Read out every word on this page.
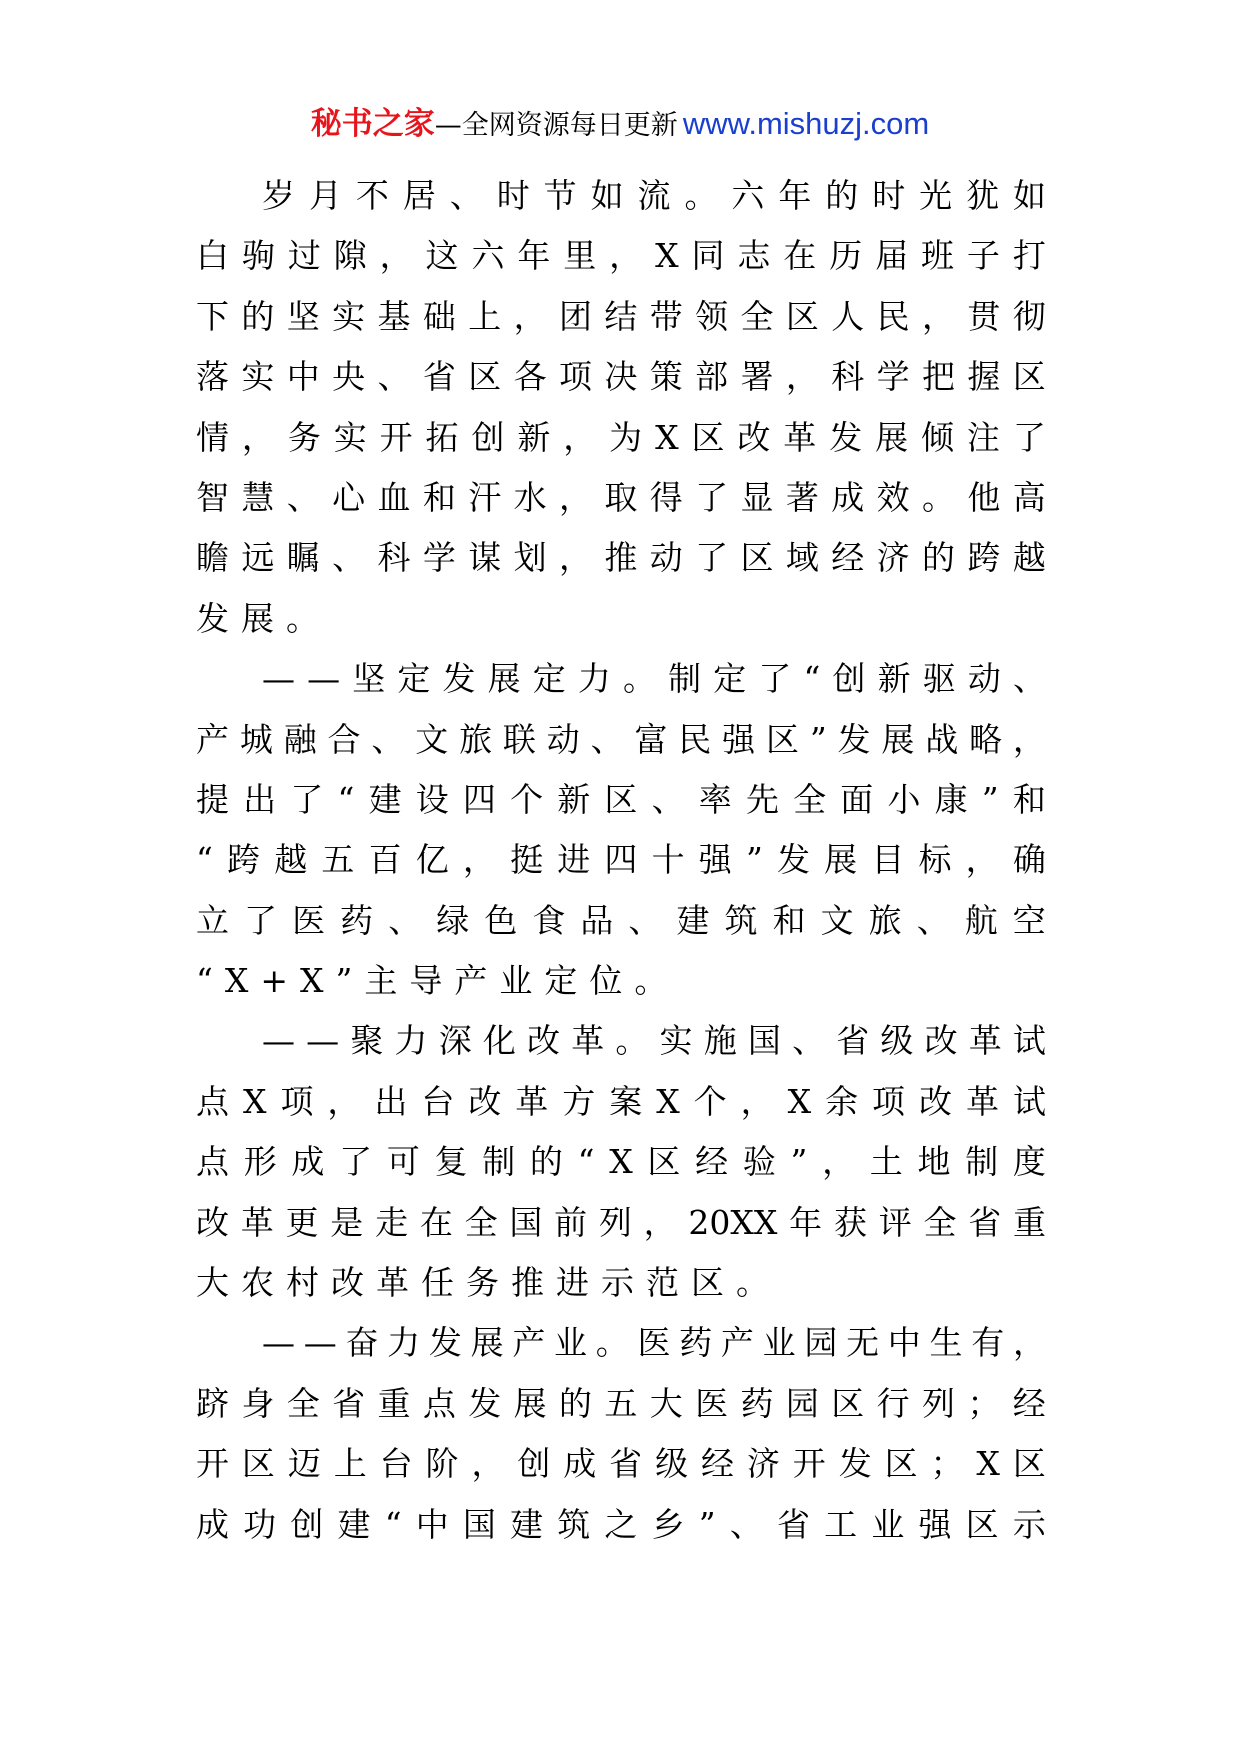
秘书之家—全网资源每日更新 www.mishuzj.com
岁 月 不 居 、 时 节 如 流 。 六 年 的 时 光 犹 如
白 驹 过 隙 ， 这 六 年 里 ， X 同 志 在 历 届 班 子 打
下 的 坚 实 基 础 上 ， 团 结 带 领 全 区 人 民 ， 贯 彻
落 实 中 央 、 省 区 各 项 决 策 部 署 ， 科 学 把 握 区
情 ， 务 实 开 拓 创 新 ， 为 X 区 改 革 发 展 倾 注 了
智 慧 、 心 血 和 汗 水 ， 取 得 了 显 著 成 效 。 他 高
瞻 远 瞩 、 科 学 谋 划 ， 推 动 了 区 域 经 济 的 跨 越
发 展 。
— — 坚 定 发 展 定 力 。 制 定 了 “ 创 新 驱 动 、
产 城 融 合 、 文 旅 联 动 、 富 民 强 区 ” 发 展 战 略 ，
提 出 了 “ 建 设 四 个 新 区 、 率 先 全 面 小 康 ” 和
“ 跨 越 五 百 亿 ， 挺 进 四 十 强 ” 发 展 目 标 ， 确
立 了 医 药 、 绿 色 食 品 、 建 筑 和 文 旅 、 航 空
“ X+X ” 主 导 产 业 定 位 。
— — 聚 力 深 化 改 革 。 实 施 国 、 省 级 改 革 试
点 X 项 ， 出 台 改 革 方 案 X 个 ， X 余 项 改 革 试
点 形 成 了 可 复 制 的 “ X 区 经 验 ” ， 土 地 制 度
改 革 更 是 走 在 全 国 前 列 ， 20XX 年 获 评 全 省 重
大 农 村 改 革 任 务 推 进 示 范 区 。
— — 奋 力 发 展 产 业 。 医 药 产 业 园 无 中 生 有 ，
跻 身 全 省 重 点 发 展 的 五 大 医 药 园 区 行 列 ； 经
开 区 迈 上 台 阶 ， 创 成 省 级 经 济 开 发 区 ； X 区
成 功 创 建 “ 中 国 建 筑 之 乡 ” 、 省 工 业 强 区 示
